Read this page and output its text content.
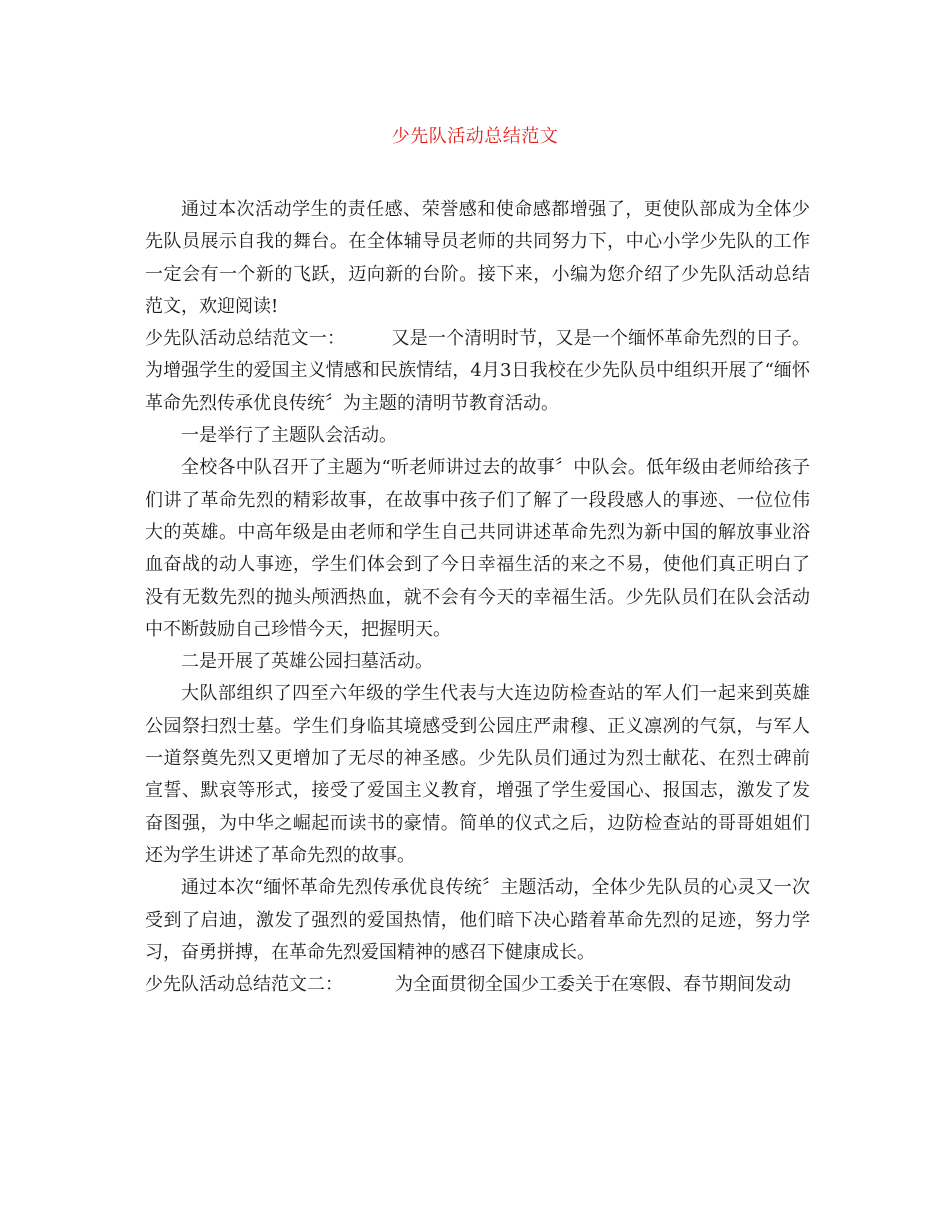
少先队活动总结范文

通过本次活动学生的责任感、荣誉感和使命感都增强了，更使队部成为全体少先队员展示自我的舞台。在全体辅导员老师的共同努力下，中心小学少先队的工作一定会有一个新的飞跃，迈向新的台阶。接下来，小编为您介绍了少先队活动总结范文，欢迎阅读!

少先队活动总结范文一：	又是一个清明时节，又是一个缅怀革命先烈的日子。为增强学生的爱国主义情感和民族情结，4月3日我校在少先队员中组织开展了“缅怀革命先烈传承优良传统〞为主题的清明节教育活动。

一是举行了主题队会活动。

全校各中队召开了主题为“听老师讲过去的故事〞中队会。低年级由老师给孩子们讲了革命先烈的精彩故事，在故事中孩子们了解了一段段感人的事迹、一位位伟大的英雄。中高年级是由老师和学生自己共同讲述革命先烈为新中国的解放事业浴血奋战的动人事迹，学生们体会到了今日幸福生活的来之不易，使他们真正明白了没有无数先烈的抛头颅洒热血，就不会有今天的幸福生活。少先队员们在队会活动中不断鼓励自己珍惜今天，把握明天。

二是开展了英雄公园扫墓活动。

大队部组织了四至六年级的学生代表与大连边防检查站的军人们一起来到英雄公园祭扫烈士墓。学生们身临其境感受到公园庄严肃穆、正义凛冽的气氛，与军人一道祭奠先烈又更增加了无尽的神圣感。少先队员们通过为烈士献花、在烈士碑前宣誓、默哀等形式，接受了爱国主义教育，增强了学生爱国心、报国志，激发了发奋图强，为中华之崛起而读书的豪情。简单的仪式之后，边防检查站的哥哥姐姐们还为学生讲述了革命先烈的故事。

通过本次“缅怀革命先烈传承优良传统〞主题活动，全体少先队员的心灵又一次受到了启迪，激发了强烈的爱国热情，他们暗下决心踏着革命先烈的足迹，努力学习，奋勇拼搏，在革命先烈爱国精神的感召下健康成长。

少先队活动总结范文二：	为全面贯彻全国少工委关于在寒假、春节期间发动
